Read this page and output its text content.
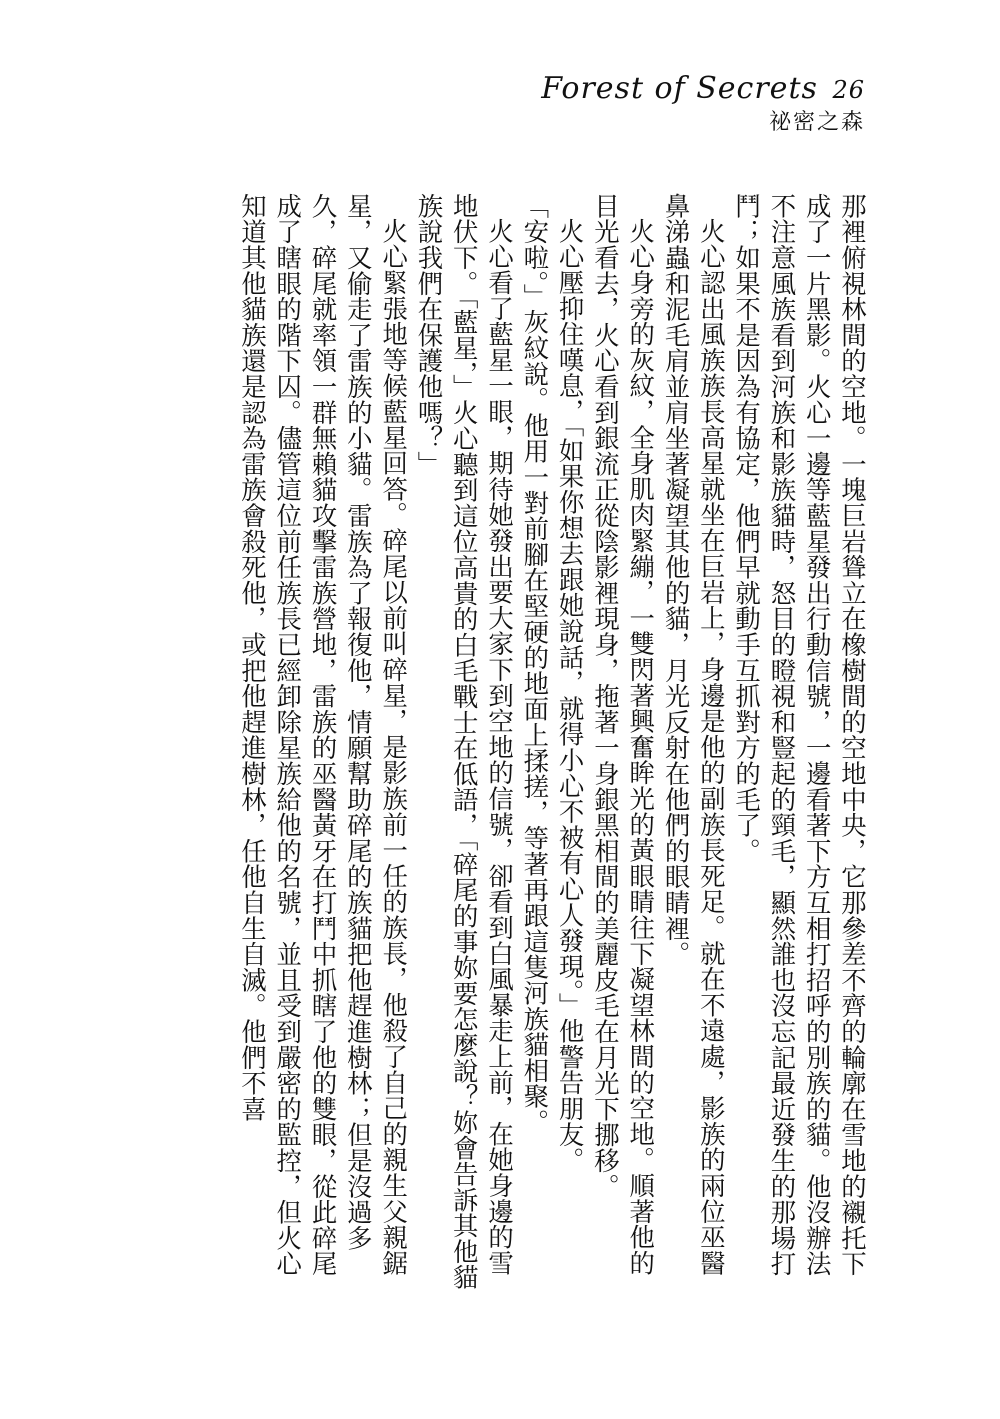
Forest of Secrets 26
祕密之森

那裡俯視林間的空地。一塊巨岩聳立在橡樹間的空地中央，它那參差不齊的輪廓在雪地的襯托下成了一片黑影。火心一邊等藍星發出行動信號，一邊看著下方互相打招呼的別族的貓。他沒辦法不注意風族看到河族和影族貓時，怒目的瞪視和豎起的頸毛，顯然誰也沒忘記最近發生的那場打鬥；如果不是因為有協定，他們早就動手互抓對方的毛了。

火心認出風族族長高星就坐在巨岩上，身邊是他的副族長死足。就在不遠處，影族的兩位巫醫鼻涕蟲和泥毛肩並肩坐著凝望其他的貓，月光反射在他們的眼睛裡。

火心身旁的灰紋，全身肌肉緊繃，一雙閃著興奮眸光的黃眼睛往下凝望林間的空地。順著他的目光看去，火心看到銀流正從陰影裡現身，拖著一身銀黑相間的美麗皮毛在月光下挪移。

火心壓抑住嘆息，「如果你想去跟她說話，就得小心不被有心人發現。」他警告朋友。

「安啦。」灰紋說。他用一對前腳在堅硬的地面上揉搓，等著再跟這隻河族貓相聚。

火心看了藍星一眼，期待她發出要大家下到空地的信號，卻看到白風暴走上前，在她身邊的雪地伏下。「藍星，」火心聽到這位高貴的白毛戰士在低語，「碎尾的事妳要怎麼說？妳會告訴其他貓族說我們在保護他嗎？」

火心緊張地等候藍星回答。碎尾以前叫碎星，是影族前一任的族長，他殺了自己的親生父親鋸星，又偷走了雷族的小貓。雷族為了報復他，情願幫助碎尾的族貓把他趕進樹林；但是沒過多久，碎尾就率領一群無賴貓攻擊雷族營地，雷族的巫醫黃牙在打鬥中抓瞎了他的雙眼，從此碎尾成了瞎眼的階下囚。儘管這位前任族長已經卸除星族給他的名號，並且受到嚴密的監控，但火心知道其他貓族還是認為雷族會殺死他，或把他趕進樹林，任他自生自滅。他們不喜
